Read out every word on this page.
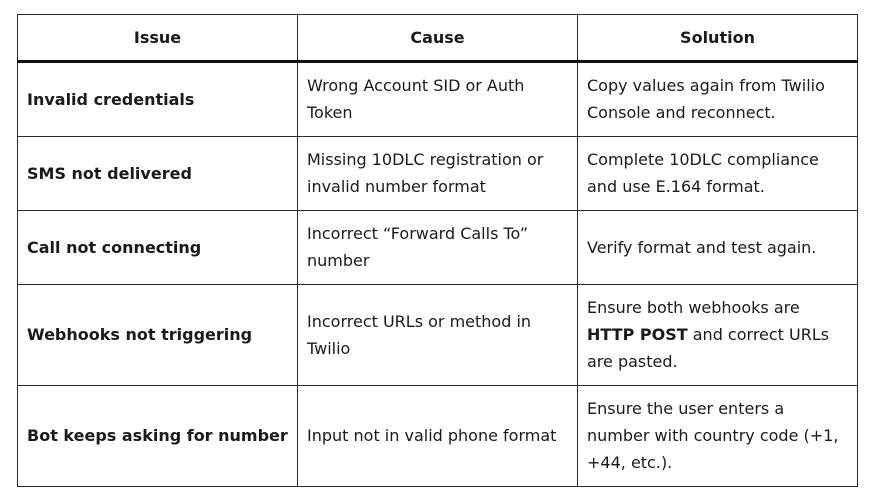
Issue	Cause	Solution
Invalid credentials	Wrong Account SID or Auth Token	Copy values again from Twilio Console and reconnect.
SMS not delivered	Missing 10DLC registration or invalid number format	Complete 10DLC compliance and use E.164 format.
Call not connecting	Incorrect “Forward Calls To” number	Verify format and test again.
Webhooks not triggering	Incorrect URLs or method in Twilio	Ensure both webhooks are HTTP POST and correct URLs are pasted.
Bot keeps asking for number	Input not in valid phone format	Ensure the user enters a number with country code (+1, +44, etc.).
